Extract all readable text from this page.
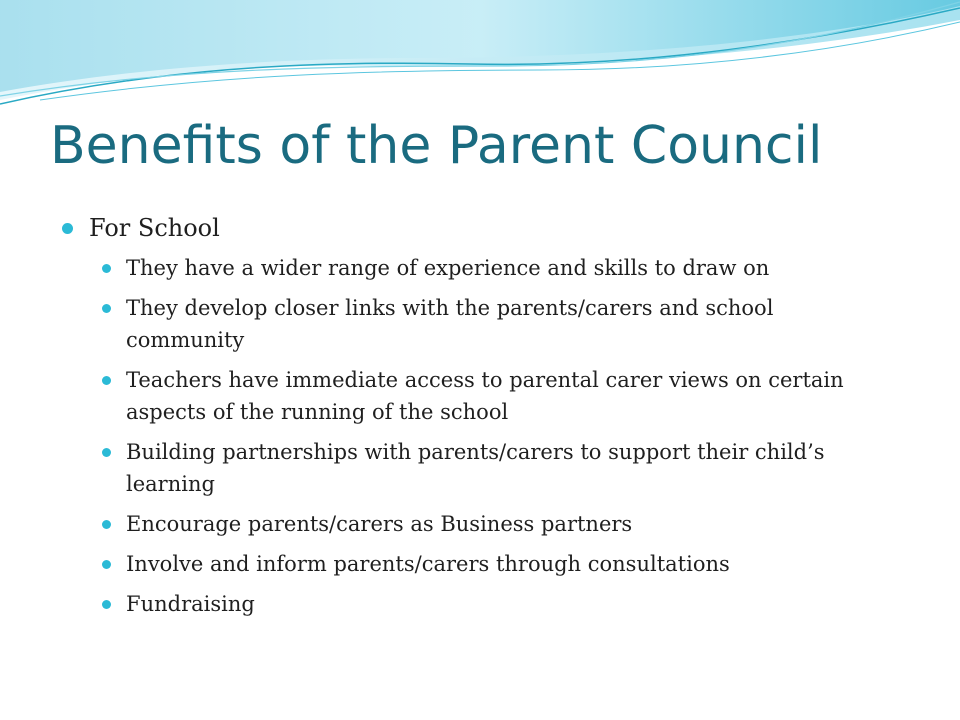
Benefits of the Parent Council
For School
They have a wider range of experience and skills to draw on
They develop closer links with the parents/carers and school community
Teachers have immediate access to parental carer views on certain aspects of the running of the school
Building partnerships with parents/carers to support their child’s learning
Encourage parents/carers as Business partners
Involve and inform parents/carers through consultations
Fundraising
